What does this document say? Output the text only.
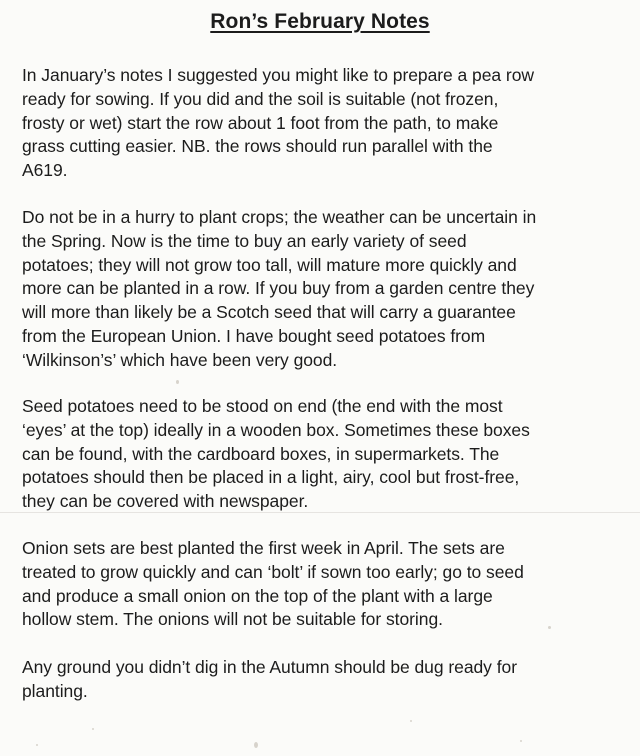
Ron’s February Notes

In January’s notes I suggested you might like to prepare a pea row
ready for sowing. If you did and the soil is suitable (not frozen,
frosty or wet) start the row about 1 foot from the path, to make
grass cutting easier. NB. the rows should run parallel with the
A619.

Do not be in a hurry to plant crops; the weather can be uncertain in
the Spring. Now is the time to buy an early variety of seed
potatoes; they will not grow too tall, will mature more quickly and
more can be planted in a row. If you buy from a garden centre they
will more than likely be a Scotch seed that will carry a guarantee
from the European Union. I have bought seed potatoes from
‘Wilkinson’s’ which have been very good.

Seed potatoes need to be stood on end (the end with the most
‘eyes’ at the top) ideally in a wooden box. Sometimes these boxes
can be found, with the cardboard boxes, in supermarkets. The
potatoes should then be placed in a light, airy, cool but frost-free,
they can be covered with newspaper.

Onion sets are best planted the first week in April. The sets are
treated to grow quickly and can ‘bolt’ if sown too early; go to seed
and produce a small onion on the top of the plant with a large
hollow stem. The onions will not be suitable for storing.

Any ground you didn’t dig in the Autumn should be dug ready for
planting.
